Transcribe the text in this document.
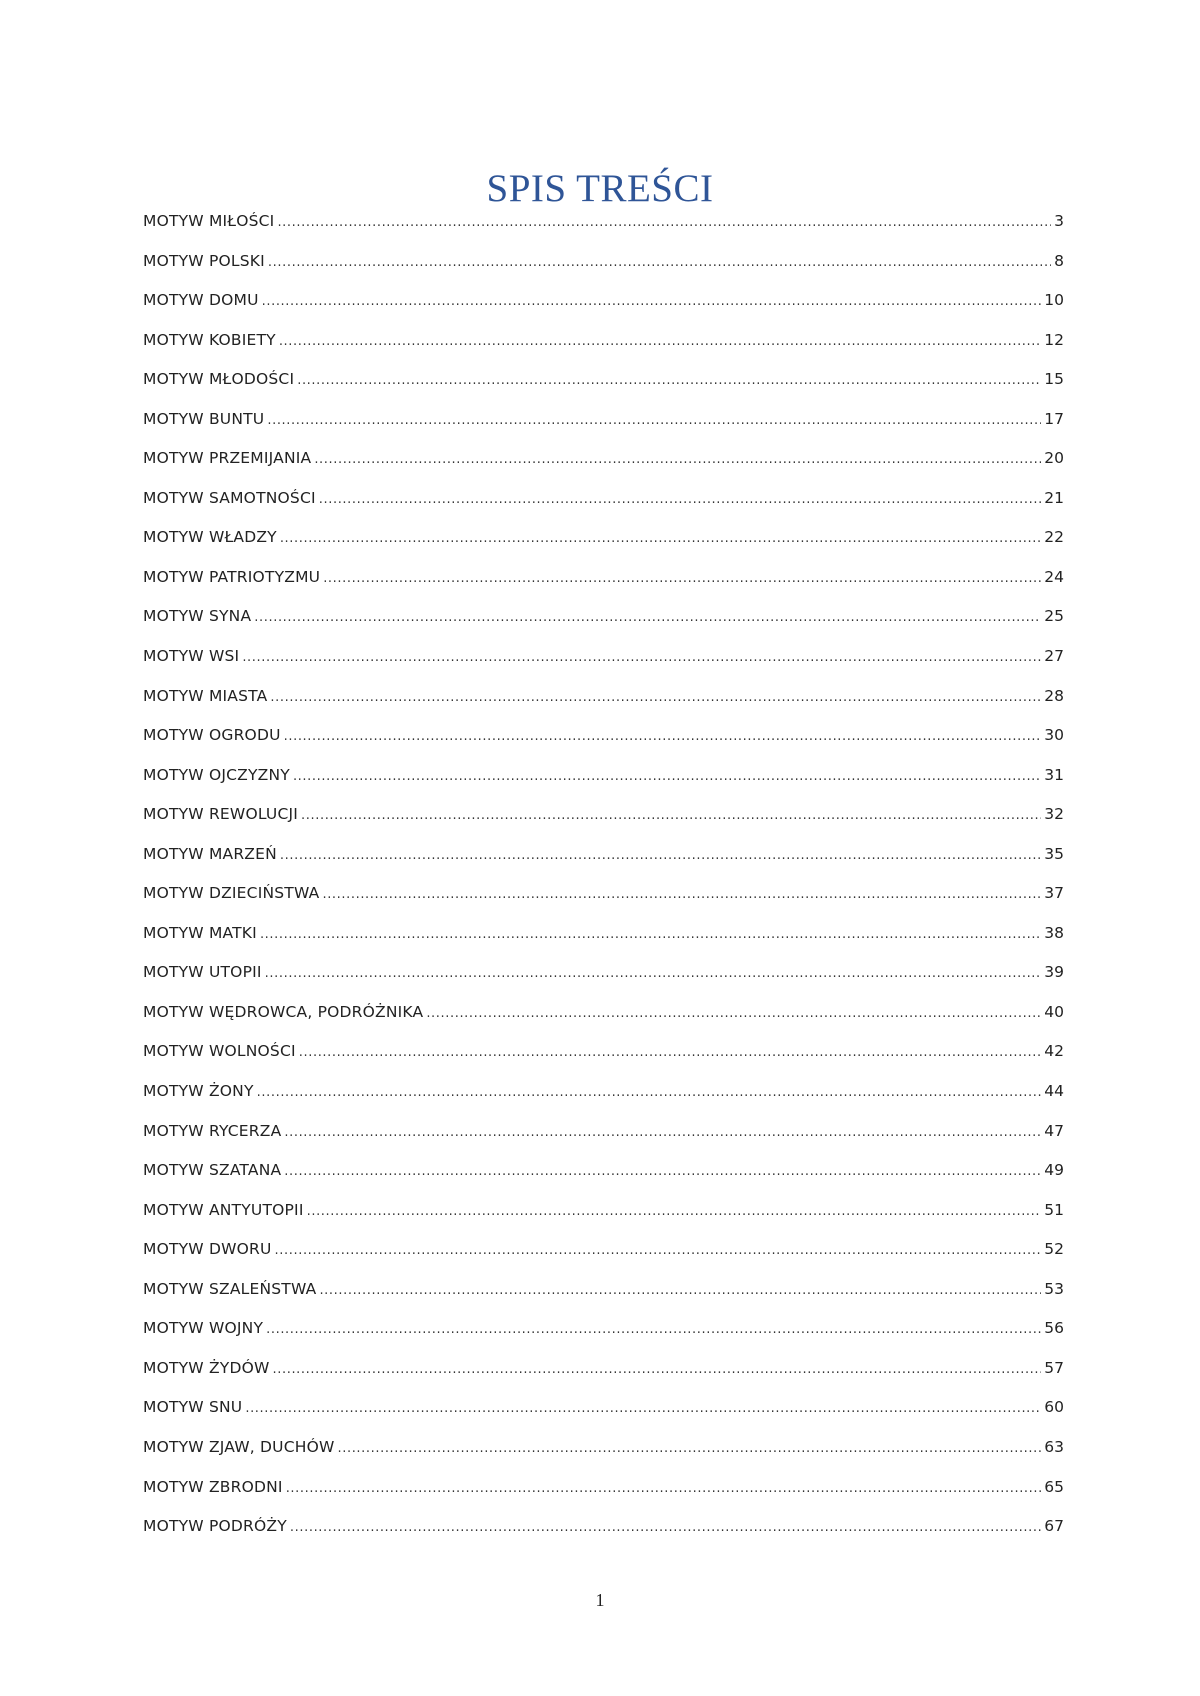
SPIS TREŚCI
MOTYW MIŁOŚCI .....	3
MOTYW POLSKI .....	8
MOTYW DOMU .....	10
MOTYW KOBIETY .....	12
MOTYW MŁODOŚCI .....	15
MOTYW BUNTU .....	17
MOTYW PRZEMIJANIA .....	20
MOTYW SAMOTNOŚCI .....	21
MOTYW WŁADZY .....	22
MOTYW PATRIOTYZMU .....	24
MOTYW SYNA .....	25
MOTYW WSI .....	27
MOTYW MIASTA .....	28
MOTYW OGRODU .....	30
MOTYW OJCZYZNY .....	31
MOTYW REWOLUCJI .....	32
MOTYW MARZEŃ .....	35
MOTYW DZIECIŃSTWA .....	37
MOTYW MATKI .....	38
MOTYW UTOPII .....	39
MOTYW WĘDROWCA, PODRÓŻNIKA .....	40
MOTYW WOLNOŚCI .....	42
MOTYW ŻONY .....	44
MOTYW RYCERZA .....	47
MOTYW SZATANA .....	49
MOTYW ANTYUTOPII .....	51
MOTYW DWORU .....	52
MOTYW SZALEŃSTWA .....	53
MOTYW WOJNY .....	56
MOTYW ŻYDÓW .....	57
MOTYW SNU .....	60
MOTYW ZJAW, DUCHÓW .....	63
MOTYW ZBRODNI .....	65
MOTYW PODRÓŻY .....	67
1
